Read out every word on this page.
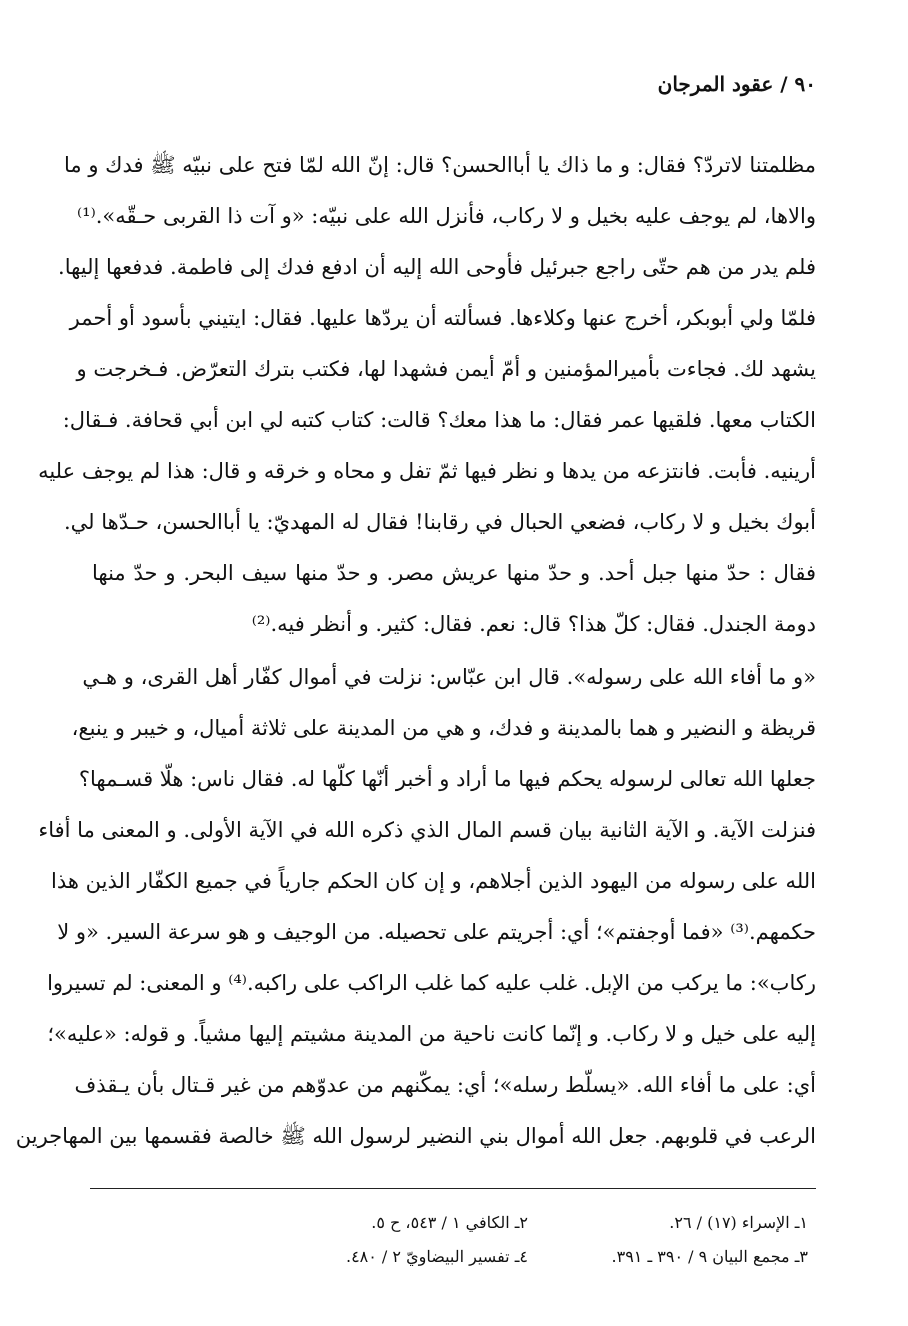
٩٠ / عقود المرجان
مظلمتنا لاتردّ؟ فقال: و ما ذاك يا أباالحسن؟ قال: إنّ الله لمّا فتح على نبيّه ﷺ فدك و ما
والاها، لم يوجف عليه بخيل و لا ركاب، فأنزل الله على نبيّه: «و آت ذا القربى حـقّه».⁽¹⁾
فلم يدر من هم حتّى راجع جبرئيل فأوحى الله إليه أن ادفع فدك إلى فاطمة. فدفعها إليها.
فلمّا ولي أبوبكر، أخرج عنها وكلاءها. فسألته أن يردّها عليها. فقال: ايتيني بأسود أو أحمر
يشهد لك. فجاءت بأميرالمؤمنين و أمّ أيمن فشهدا لها، فكتب بترك التعرّض. فـخرجت و
الكتاب معها. فلقيها عمر فقال: ما هذا معك؟ قالت: كتاب كتبه لي ابن أبي قحافة. فـقال:
أرينيه. فأبت. فانتزعه من يدها و نظر فيها ثمّ تفل و محاه و خرقه و قال: هذا لم يوجف عليه
أبوك بخيل و لا ركاب، فضعي الحبال في رقابنا! فقال له المهديّ: يا أباالحسن، حـدّها لي.
فقال : حدّ منها جبل أحد. و حدّ منها عريش مصر. و حدّ منها سيف البحر. و حدّ منها
دومة الجندل. فقال: كلّ هذا؟ قال: نعم. فقال: كثير. و أنظر فيه.⁽²⁾
«و ما أفاء الله على رسوله». قال ابن عبّاس: نزلت في أموال كفّار أهل القرى، و هـي
قريظة و النضير و هما بالمدينة و فدك، و هي من المدينة على ثلاثة أميال، و خيبر و ينبع،
جعلها الله تعالى لرسوله يحكم فيها ما أراد و أخبر أنّها كلّها له. فقال ناس: هلّا قسـمها؟
فنزلت الآية. و الآية الثانية بيان قسم المال الذي ذكره الله في الآية الأولى. و المعنى ما أفاء
الله على رسوله من اليهود الذين أجلاهم، و إن كان الحكم جارياً في جميع الكفّار الذين هذا
حكمهم.⁽³⁾ «فما أوجفتم»؛ أي: أجريتم على تحصيله. من الوجيف و هو سرعة السير. «و لا
ركاب»: ما يركب من الإبل. غلب عليه كما غلب الراكب على راكبه.⁽⁴⁾ و المعنى: لم تسيروا
إليه على خيل و لا ركاب. و إنّما كانت ناحية من المدينة مشيتم إليها مشياً. و قوله: «عليه»؛
أي: على ما أفاء الله. «يسلّط رسله»؛ أي: يمكّنهم من عدوّهم من غير قـتال بأن يـقذف
الرعب في قلوبهم. جعل الله أموال بني النضير لرسول الله ﷺ خالصة فقسمها بين المهاجرين
١ـ الإسراء (١٧) / ٢٦.
٢ـ الكافي ١ / ٥٤٣، ح ٥.
٣ـ مجمع البيان ٩ / ٣٩٠ ـ ٣٩١.
٤ـ تفسير البيضاويّ ٢ / ٤٨٠.
